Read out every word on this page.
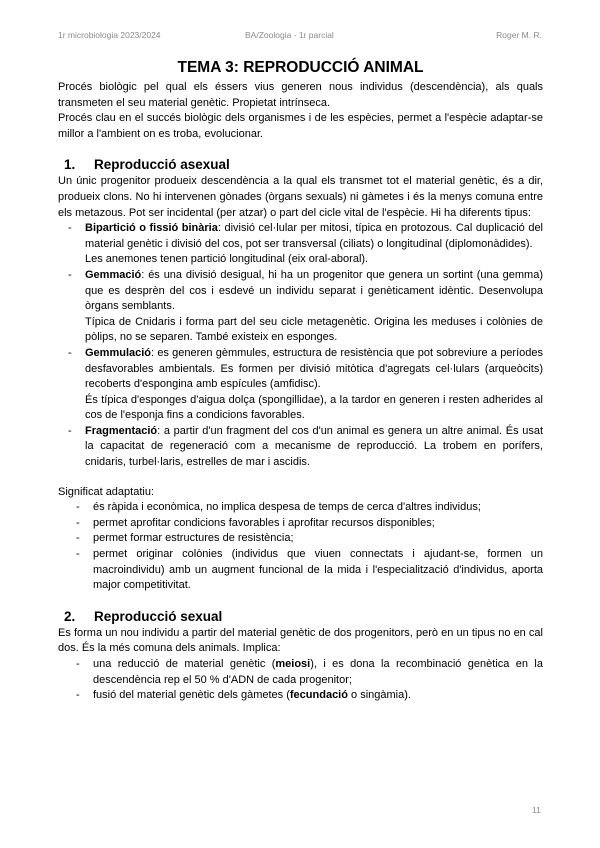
1r microbiologia 2023/2024	BA/Zoologia - 1r parcial	Roger M. R.
TEMA 3: REPRODUCCIÓ ANIMAL

Procés biològic pel qual els éssers vius generen nous individus (descendència), als quals transmeten el seu material genètic. Propietat intrínseca.

Procés clau en el succés biològic dels organismes i de les espècies, permet a l'espècie adaptar-se millor a l'ambient on es troba, evolucionar.

1.	Reproducció asexual

Un únic progenitor produeix descendència a la qual els transmet tot el material genètic, és a dir, produeix clons. No hi intervenen gònades (òrgans sexuals) ni gàmetes i és la menys comuna entre els metazous. Pot ser incidental (per atzar) o part del cicle vital de l'espècie. Hi ha diferents tipus:

- Bipartició o fissió binària: divisió cel·lular per mitosi, típica en protozous. Cal duplicació del material genètic i divisió del cos, pot ser transversal (ciliats) o longitudinal (diplomonàdides).
Les anemones tenen partició longitudinal (eix oral-aboral).
- Gemmació: és una divisió desigual, hi ha un progenitor que genera un sortint (una gemma) que es desprèn del cos i esdevé un individu separat i genèticament idèntic. Desenvolupa òrgans semblants.
Típica de Cnidaris i forma part del seu cicle metagenètic. Origina les meduses i colònies de pòlips, no se separen. També existeix en esponges.
- Gemmulació: es generen gèmmules, estructura de resistència que pot sobreviure a períodes desfavorables ambientals. Es formen per divisió mitòtica d'agregats cel·lulars (arqueòcits) recoberts d'espongina amb espícules (amfidisc).
És típica d'esponges d'aigua dolça (spongillidae), a la tardor en generen i resten adherides al cos de l'esponja fins a condicions favorables.
- Fragmentació: a partir d'un fragment del cos d'un animal es genera un altre animal. És usat la capacitat de regeneració com a mecanisme de reproducció. La trobem en porífers, cnidaris, turbel·laris, estrelles de mar i ascidis.

Significat adaptatiu:

- és ràpida i econòmica, no implica despesa de temps de cerca d'altres individus;
- permet aprofitar condicions favorables i aprofitar recursos disponibles;
- permet formar estructures de resistència;
- permet originar colònies (individus que viuen connectats i ajudant-se, formen un macroindividu) amb un augment funcional de la mida i l'especialització d'individus, aporta major competitivitat.
2.	Reproducció sexual

Es forma un nou individu a partir del material genètic de dos progenitors, però en un tipus no en cal dos. És la més comuna dels animals. Implica:

- una reducció de material genètic (meiosi), i es dona la recombinació genètica en la descendència rep el 50 % d'ADN de cada progenitor;
- fusió del material genètic dels gàmetes (fecundació o singàmia).
11
